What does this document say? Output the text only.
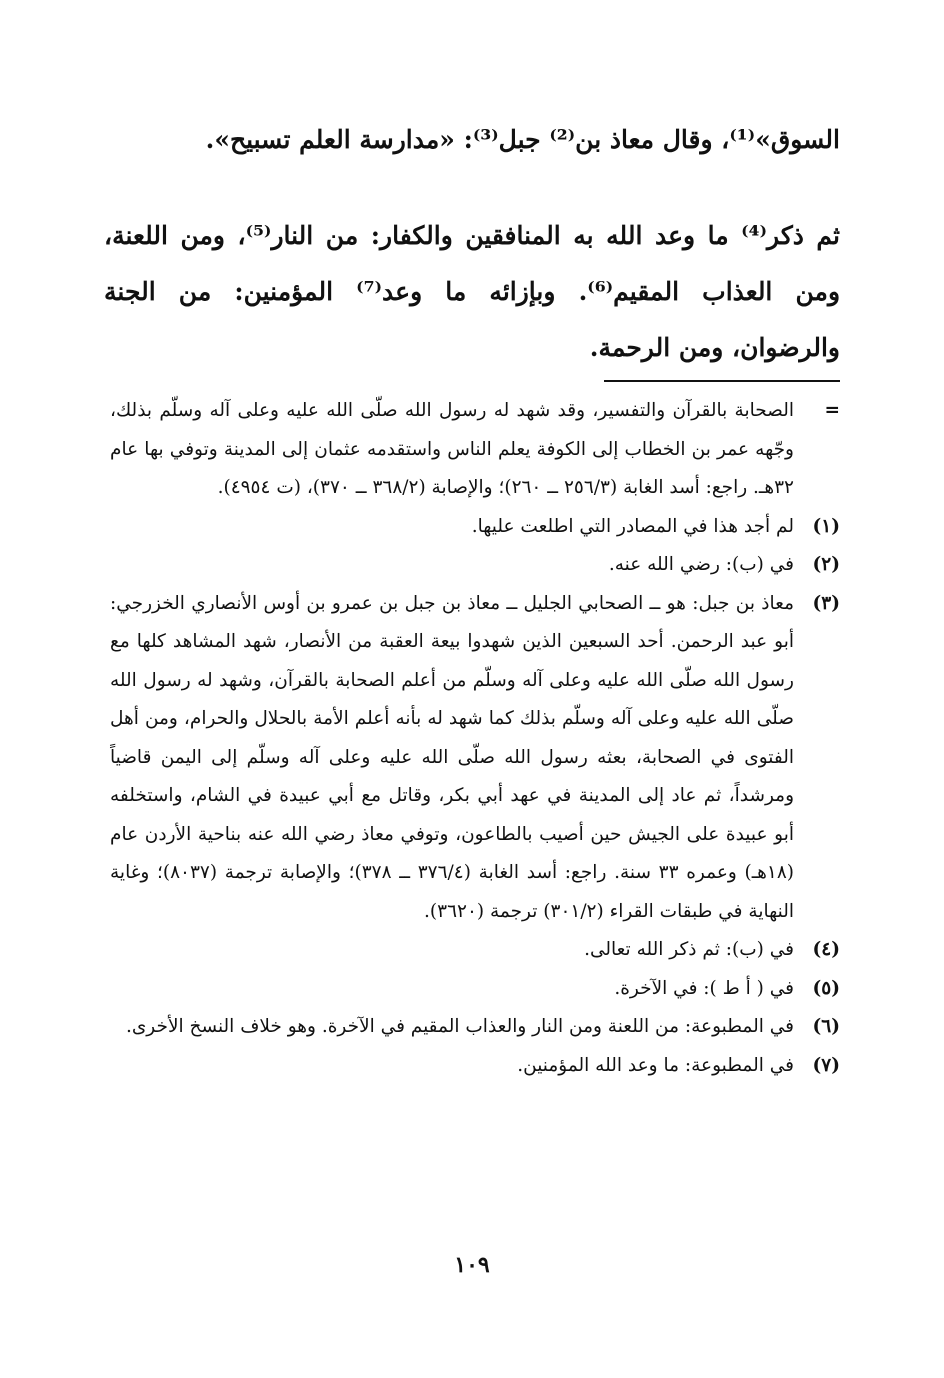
السوق»⁽¹⁾، وقال معاذ بن⁽²⁾ جبل⁽³⁾: «مدارسة العلم تسبيح».

ثم ذكر⁽⁴⁾ ما وعد الله به المنافقين والكفار: من النار⁽⁵⁾، ومن اللعنة، ومن العذاب المقيم⁽⁶⁾. وبإزائه ما وعد⁽⁷⁾ المؤمنين: من الجنة والرضوان، ومن الرحمة.

=
الصحابة بالقرآن والتفسير، وقد شهد له رسول الله صلّى الله عليه وعلى آله وسلّم بذلك، وجّهه عمر بن الخطاب إلى الكوفة يعلم الناس واستقدمه عثمان إلى المدينة وتوفي بها عام ٣٢هـ. راجع: أسد الغابة (٢٥٦/٣ ــ ٢٦٠)؛ والإصابة (٣٦٨/٢ ــ ٣٧٠)، (ت ٤٩٥٤).
(١)
لم أجد هذا في المصادر التي اطلعت عليها.
(٢)
في (ب): رضي الله عنه.
(٣)
معاذ بن جبل: هو ــ الصحابي الجليل ــ معاذ بن جبل بن عمرو بن أوس الأنصاري الخزرجي: أبو عبد الرحمن. أحد السبعين الذين شهدوا بيعة العقبة من الأنصار، شهد المشاهد كلها مع رسول الله صلّى الله عليه وعلى آله وسلّم من أعلم الصحابة بالقرآن، وشهد له رسول الله صلّى الله عليه وعلى آله وسلّم بذلك كما شهد له بأنه أعلم الأمة بالحلال والحرام، ومن أهل الفتوى في الصحابة، بعثه رسول الله صلّى الله عليه وعلى آله وسلّم إلى اليمن قاضياً ومرشداً، ثم عاد إلى المدينة في عهد أبي بكر، وقاتل مع أبي عبيدة في الشام، واستخلفه أبو عبيدة على الجيش حين أصيب بالطاعون، وتوفي معاذ رضي الله عنه بناحية الأردن عام (١٨هـ) وعمره ٣٣ سنة. راجع: أسد الغابة (٣٧٦/٤ ــ ٣٧٨)؛ والإصابة ترجمة (٨٠٣٧)؛ وغاية النهاية في طبقات القراء (٣٠١/٢) ترجمة (٣٦٢٠).
(٤)
في (ب): ثم ذكر الله تعالى.
(٥)
في ( أ ط ): في الآخرة.
(٦)
في المطبوعة: من اللعنة ومن النار والعذاب المقيم في الآخرة. وهو خلاف النسخ الأخرى.
(٧)
في المطبوعة: ما وعد الله المؤمنين.
١٠٩
